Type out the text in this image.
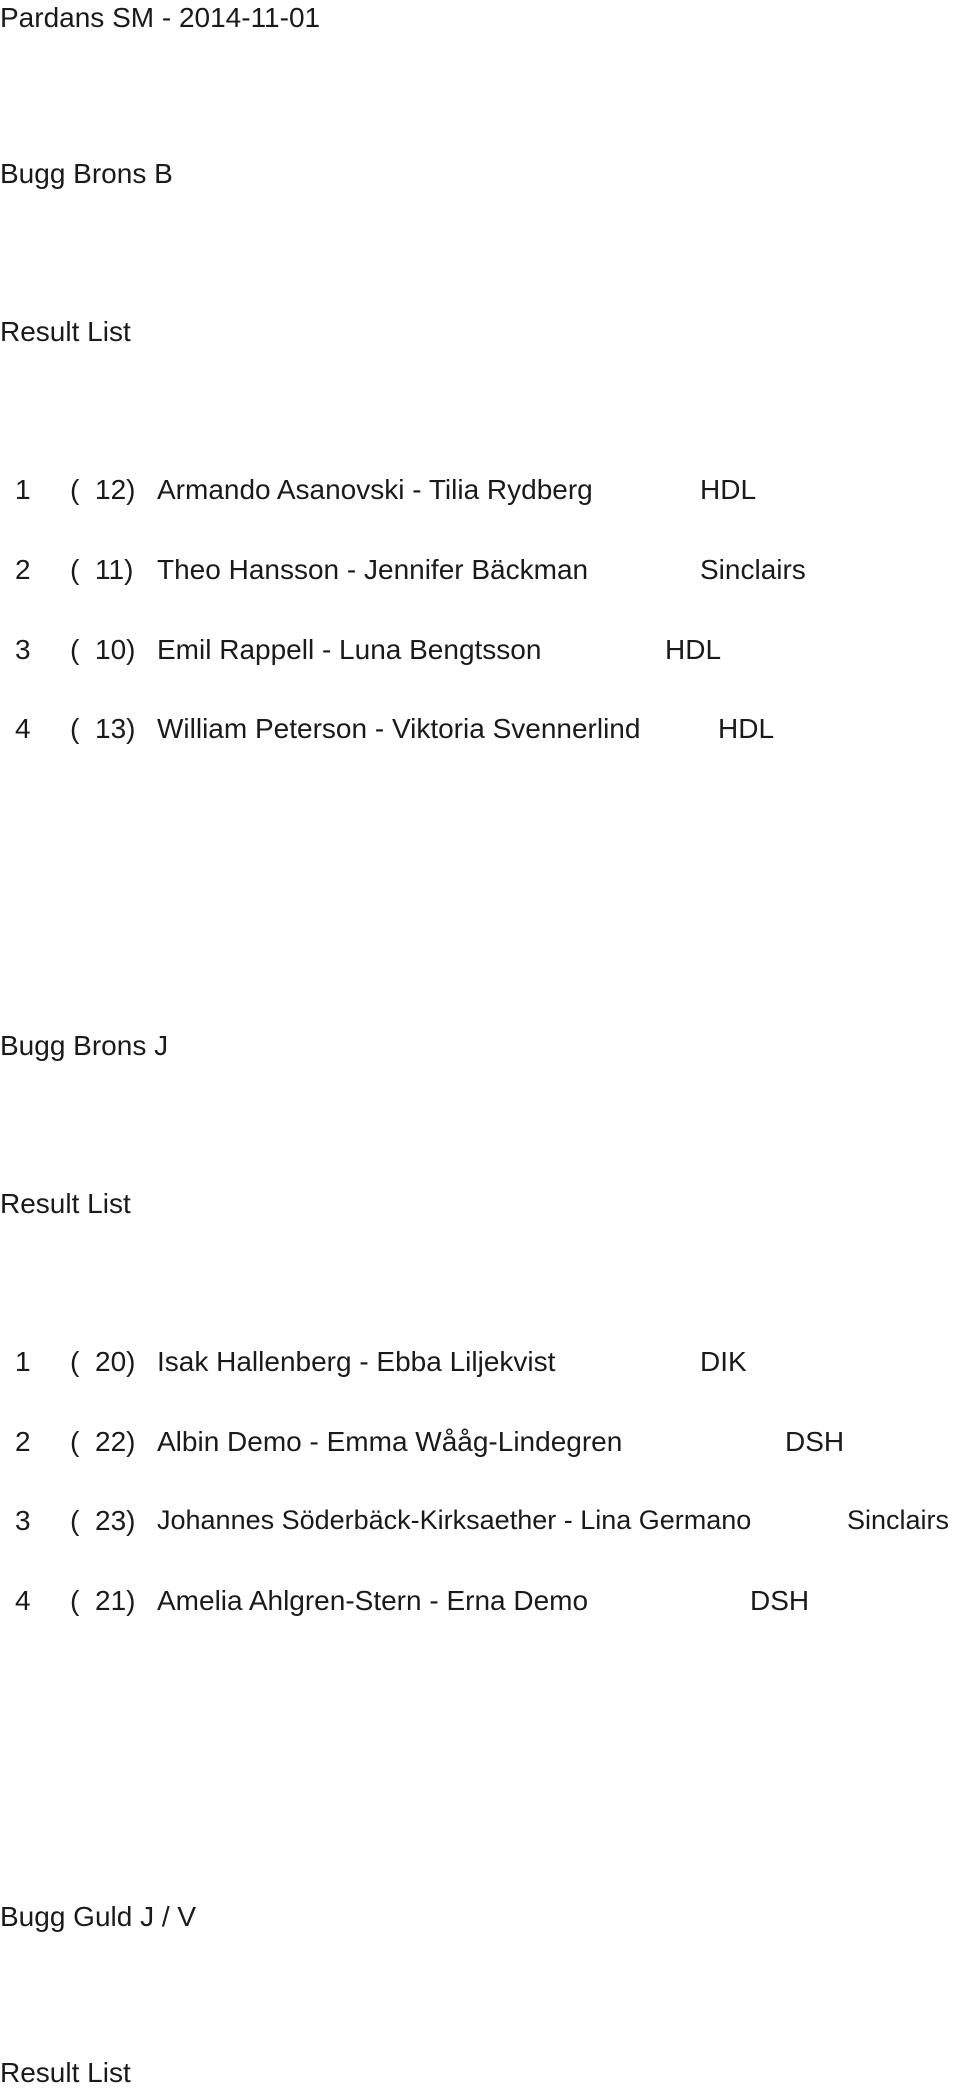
Pardans SM - 2014-11-01
Bugg Brons B
Result List
1 ( 12) Armando Asanovski - Tilia Rydberg	HDL
2 ( 11) Theo Hansson - Jennifer Bäckman	Sinclairs
3 ( 10) Emil Rappell - Luna Bengtsson	HDL
4 ( 13) William Peterson - Viktoria Svennerlind	HDL
Bugg Brons J
Result List
1 ( 20) Isak Hallenberg - Ebba Liljekvist	DIK
2 ( 22) Albin Demo - Emma Wååg-Lindegren	DSH
3 ( 23) Johannes Söderbäck-Kirksaether - Lina Germano	Sinclairs
4 ( 21) Amelia Ahlgren-Stern - Erna Demo	DSH
Bugg Guld J / V
Result List
